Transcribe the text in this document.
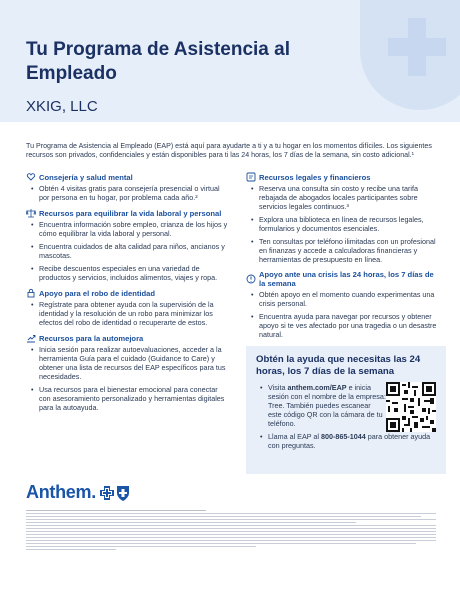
Tu Programa de Asistencia al Empleado
XKIG, LLC

Tu Programa de Asistencia al Empleado (EAP) está aquí para ayudarte a ti y a tu hogar en los momentos difíciles. Los siguientes recursos son privados, confidenciales y están disponibles para ti las 24 horas, los 7 días de la semana, sin costo adicional.¹

Consejería y salud mental
• Obtén 4 visitas gratis para consejería presencial o virtual por persona en tu hogar, por problema cada año.²
Recursos para equilibrar la vida laboral y personal
• Encuentra información sobre empleo, crianza de los hijos y cómo equilibrar la vida laboral y personal.
• Encuentra cuidados de alta calidad para niños, ancianos y mascotas.
• Recibe descuentos especiales en una variedad de productos y servicios, incluidos alimentos, viajes y ropa.
Apoyo para el robo de identidad
• Regístrate para obtener ayuda con la supervisión de la identidad y la resolución de un robo para minimizar los efectos del robo de identidad o recuperarte de estos.
Recursos para la automejora
• Inicia sesión para realizar autoevaluaciones, acceder a la herramienta Guía para el cuidado (Guidance to Care) y obtener una lista de recursos del EAP específicos para tus necesidades.
• Usa recursos para el bienestar emocional para conectar con asesoramiento personalizado y herramientas digitales para la autoayuda.
Recursos legales y financieros
• Reserva una consulta sin costo y recibe una tarifa rebajada de abogados locales participantes sobre servicios legales continuos.³
• Explora una biblioteca en línea de recursos legales, formularios y documentos esenciales.
• Ten consultas por teléfono ilimitadas con un profesional en finanzas y accede a calculadoras financieras y herramientas de presupuesto en línea.
Apoyo ante una crisis las 24 horas, los 7 días de la semana
• Obtén apoyo en el momento cuando experimentas una crisis personal.
• Encuentra ayuda para navegar por recursos y obtener apoyo si te ves afectado por una tragedia o un desastre natural.
Obtén la ayuda que necesitas las 24 horas, los 7 días de la semana
• Visita anthem.com/EAP e inicia sesión con el nombre de la empresa: Tree. También puedes escanear este código QR con la cámara de tu teléfono.
• Llama al EAP al 800-865-1044 para obtener ayuda con preguntas.
Anthem.
